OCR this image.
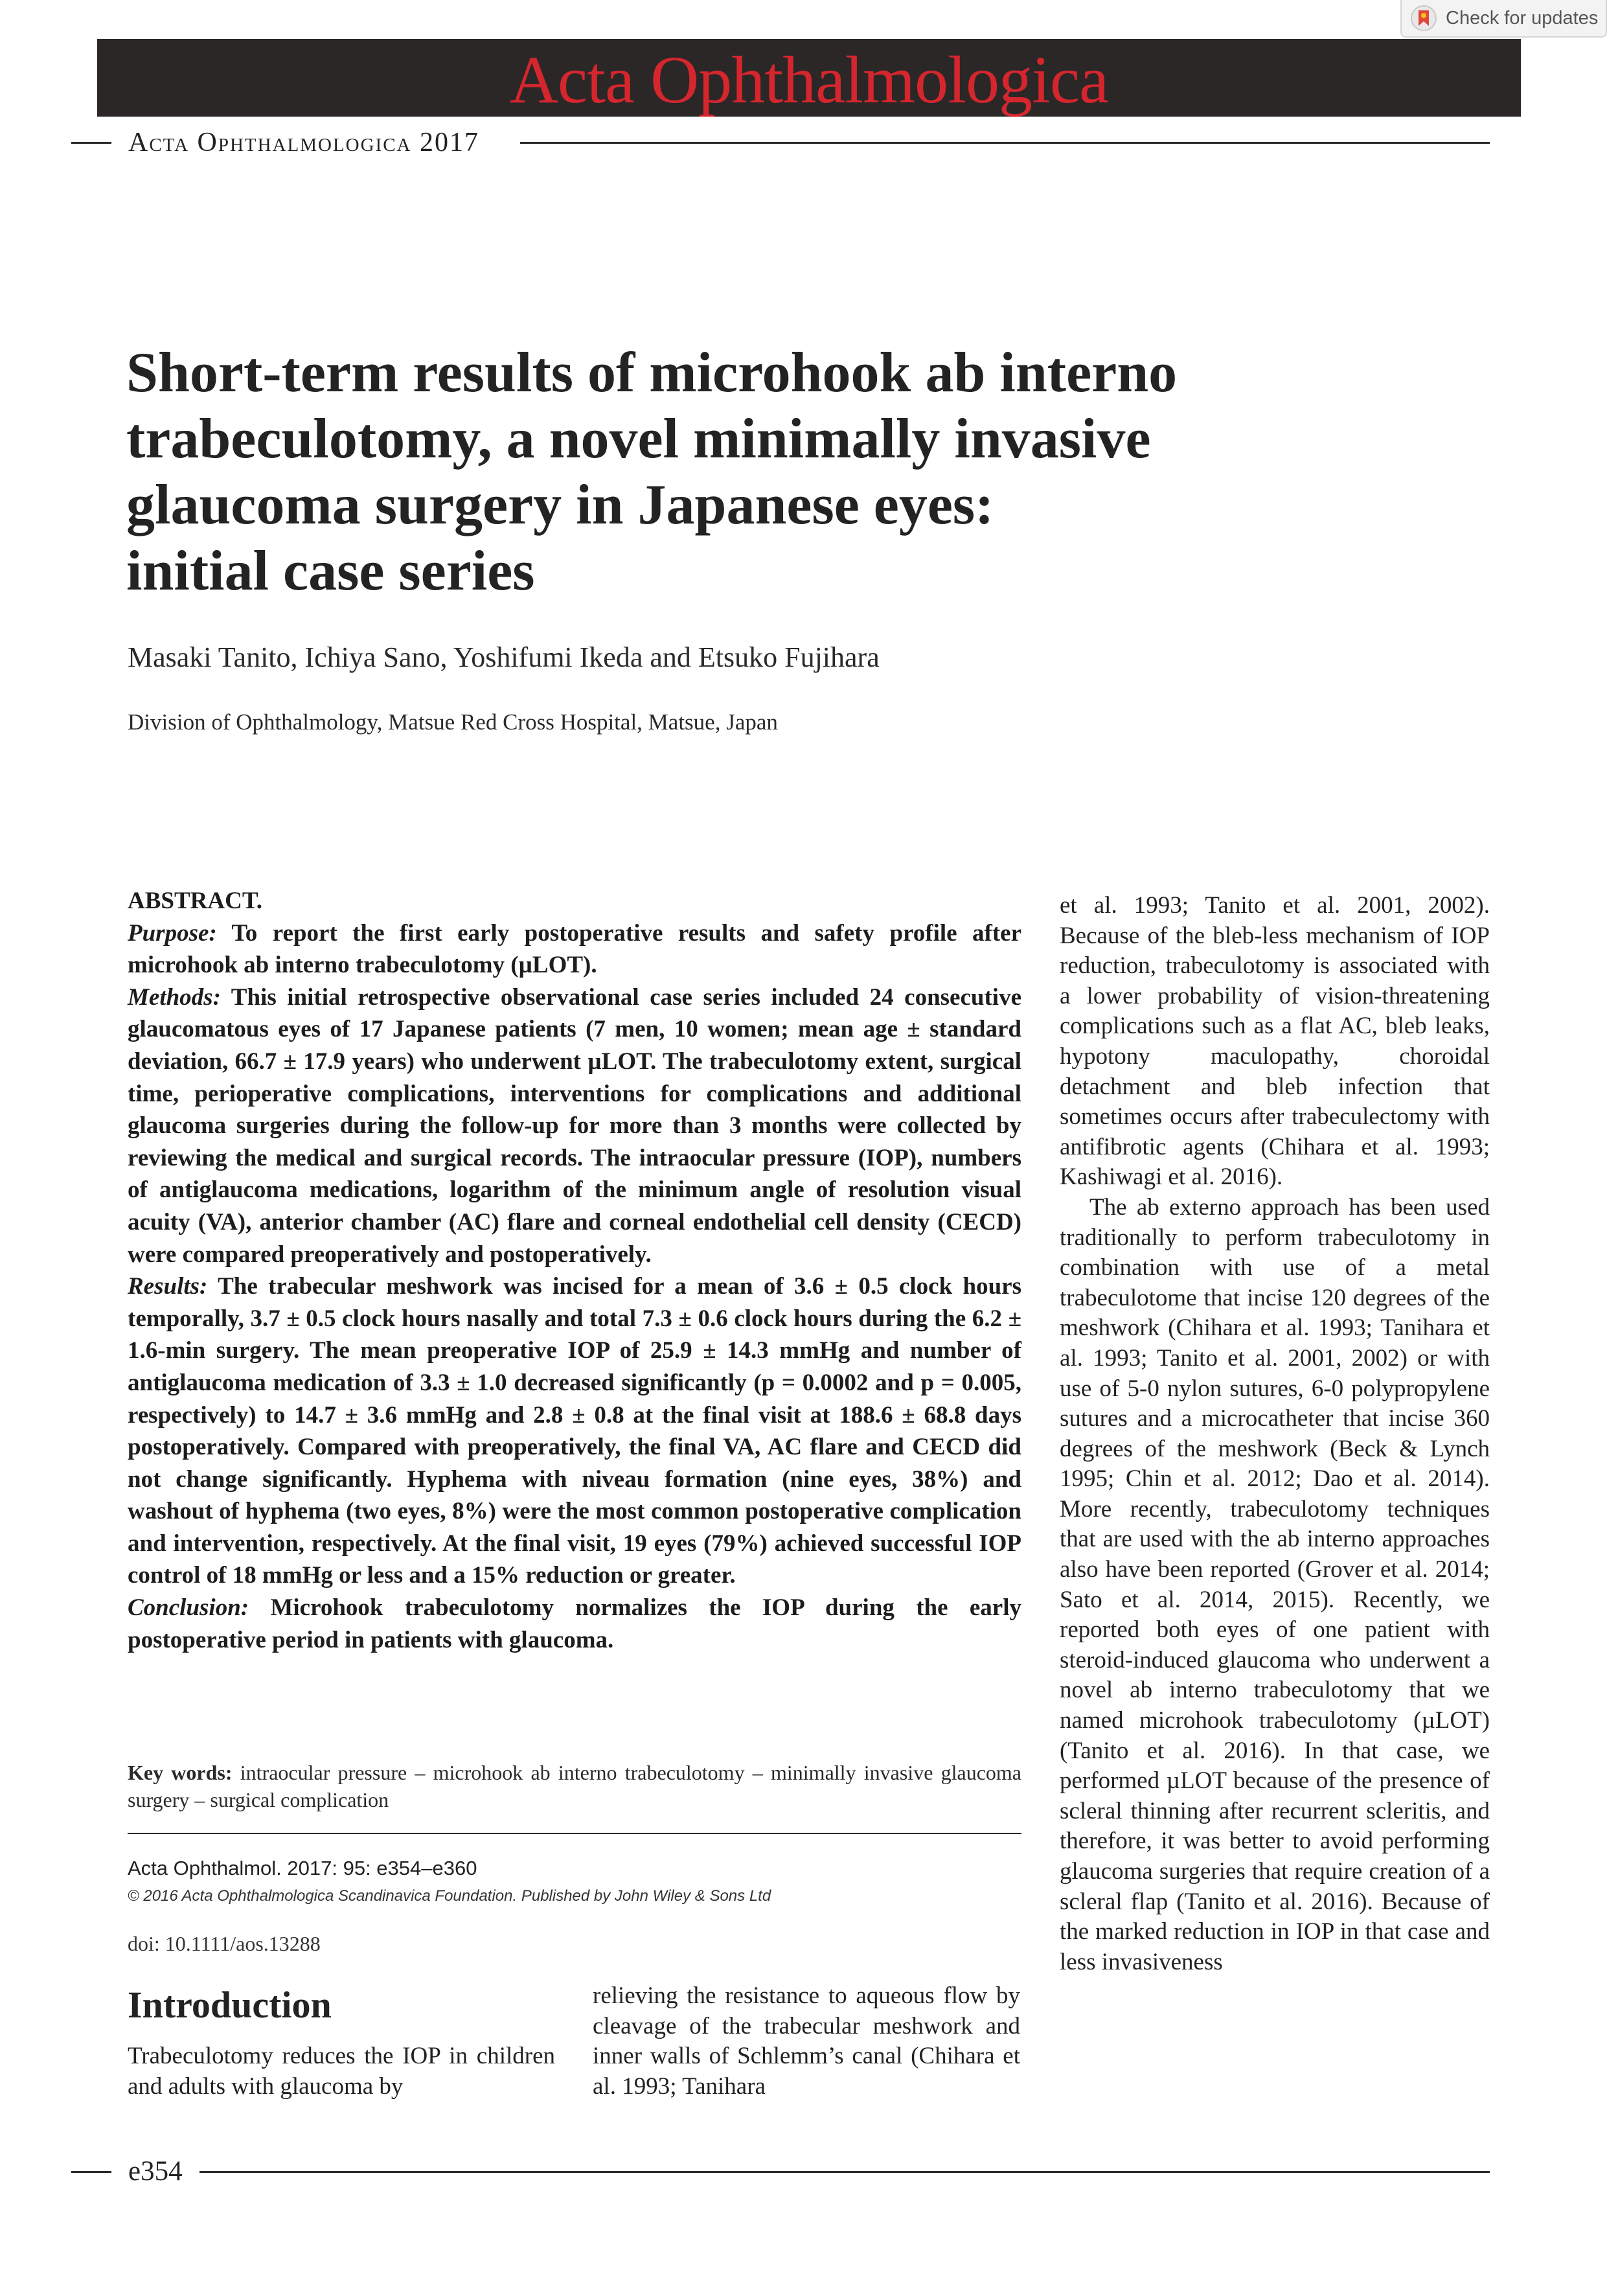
Check for updates
Acta Ophthalmologica
Acta Ophthalmologica 2017
Short-term results of microhook ab interno
trabeculotomy, a novel minimally invasive
glaucoma surgery in Japanese eyes:
initial case series
Masaki Tanito, Ichiya Sano, Yoshifumi Ikeda and Etsuko Fujihara
Division of Ophthalmology, Matsue Red Cross Hospital, Matsue, Japan

ABSTRACT.

Purpose: To report the first early postoperative results and safety profile after microhook ab interno trabeculotomy (µLOT).

Methods: This initial retrospective observational case series included 24 consecutive glaucomatous eyes of 17 Japanese patients (7 men, 10 women; mean age ± standard deviation, 66.7 ± 17.9 years) who underwent µLOT. The trabeculotomy extent, surgical time, perioperative complications, interventions for complications and additional glaucoma surgeries during the follow-up for more than 3 months were collected by reviewing the medical and surgical records. The intraocular pressure (IOP), numbers of antiglaucoma medications, logarithm of the minimum angle of resolution visual acuity (VA), anterior chamber (AC) flare and corneal endothelial cell density (CECD) were compared preoperatively and postoperatively.

Results: The trabecular meshwork was incised for a mean of 3.6 ± 0.5 clock hours temporally, 3.7 ± 0.5 clock hours nasally and total 7.3 ± 0.6 clock hours during the 6.2 ± 1.6-min surgery. The mean preoperative IOP of 25.9 ± 14.3 mmHg and number of antiglaucoma medication of 3.3 ± 1.0 decreased significantly (p = 0.0002 and p = 0.005, respectively) to 14.7 ± 3.6 mmHg and 2.8 ± 0.8 at the final visit at 188.6 ± 68.8 days postoperatively. Compared with preoperatively, the final VA, AC flare and CECD did not change significantly. Hyphema with niveau formation (nine eyes, 38%) and washout of hyphema (two eyes, 8%) were the most common postoperative complication and intervention, respectively. At the final visit, 19 eyes (79%) achieved successful IOP control of 18 mmHg or less and a 15% reduction or greater.

Conclusion: Microhook trabeculotomy normalizes the IOP during the early postoperative period in patients with glaucoma.

Key words: intraocular pressure – microhook ab interno trabeculotomy – minimally invasive glaucoma surgery – surgical complication
Acta Ophthalmol. 2017: 95: e354–e360
© 2016 Acta Ophthalmologica Scandinavica Foundation. Published by John Wiley & Sons Ltd
doi: 10.1111/aos.13288
Introduction

Trabeculotomy reduces the IOP in children and adults with glaucoma by

relieving the resistance to aqueous flow by cleavage of the trabecular meshwork and inner walls of Schlemm’s canal (Chihara et al. 1993; Tanihara

et al. 1993; Tanito et al. 2001, 2002). Because of the bleb-less mechanism of IOP reduction, trabeculotomy is associated with a lower probability of vision-threatening complications such as a flat AC, bleb leaks, hypotony maculopathy, choroidal detachment and bleb infection that sometimes occurs after trabeculectomy with antifibrotic agents (Chihara et al. 1993; Kashiwagi et al. 2016).

The ab externo approach has been used traditionally to perform trabeculotomy in combination with use of a metal trabeculotome that incise 120 degrees of the meshwork (Chihara et al. 1993; Tanihara et al. 1993; Tanito et al. 2001, 2002) or with use of 5-0 nylon sutures, 6-0 polypropylene sutures and a microcatheter that incise 360 degrees of the meshwork (Beck & Lynch 1995; Chin et al. 2012; Dao et al. 2014). More recently, trabeculotomy techniques that are used with the ab interno approaches also have been reported (Grover et al. 2014; Sato et al. 2014, 2015). Recently, we reported both eyes of one patient with steroid-induced glaucoma who underwent a novel ab interno trabeculotomy that we named microhook trabeculotomy (µLOT) (Tanito et al. 2016). In that case, we performed µLOT because of the presence of scleral thinning after recurrent scleritis, and therefore, it was better to avoid performing glaucoma surgeries that require creation of a scleral flap (Tanito et al. 2016). Because of the marked reduction in IOP in that case and less invasiveness

e354
